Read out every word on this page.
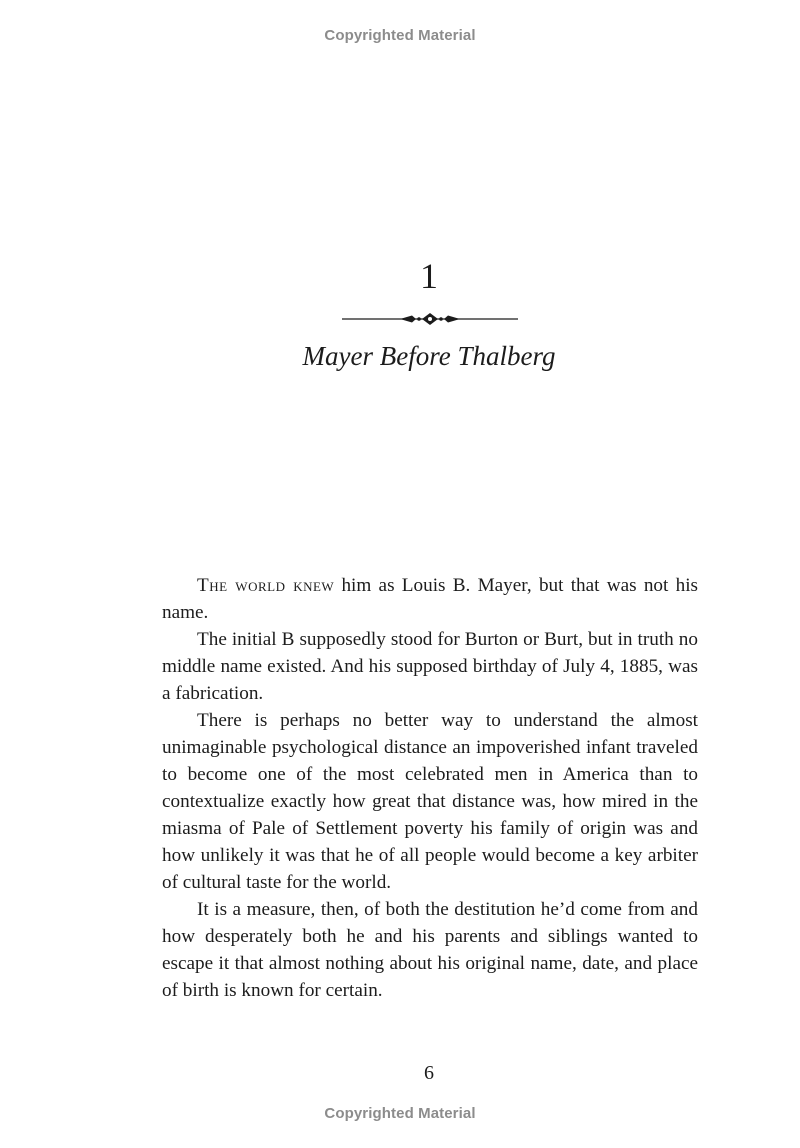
Copyrighted Material
1
Mayer Before Thalberg

The world knew him as Louis B. Mayer, but that was not his name.

The initial B supposedly stood for Burton or Burt, but in truth no middle name existed. And his supposed birthday of July 4, 1885, was a fabrication.

There is perhaps no better way to understand the almost unimaginable psychological distance an impoverished infant traveled to become one of the most celebrated men in America than to contextualize exactly how great that distance was, how mired in the miasma of Pale of Settlement poverty his family of origin was and how unlikely it was that he of all people would become a key arbiter of cultural taste for the world.

It is a measure, then, of both the destitution he’d come from and how desperately both he and his parents and siblings wanted to escape it that almost nothing about his original name, date, and place of birth is known for certain.

6
Copyrighted Material
